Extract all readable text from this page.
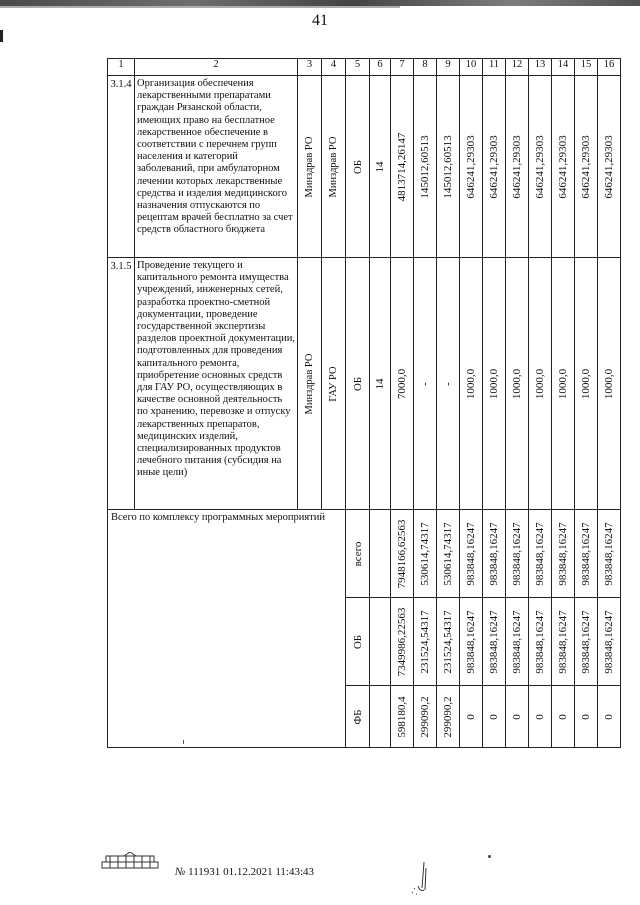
41
1	2	3	4	5	6	7	8	9	10	11	12	13	14	15	16
3.1.4	Организация обеспечения лекарственными препаратами граждан Рязанской области, имеющих право на бесплатное лекарственное обеспечение в соответствии с перечнем групп населения и категорий заболеваний, при амбулаторном лечении которых лекарственные средства и изделия медицинского назначения отпускаются по рецептам врачей бесплатно за счет средств областного бюджета	Минздрав РО	Минздрав РО	ОБ	14	4813714,26147	145012,60513	145012,60513	646241,29303	646241,29303	646241,29303	646241,29303	646241,29303	646241,29303	646241,29303

3.1.5	Проведение текущего и капитального ремонта имущества учреждений, инженерных сетей, разработка проектно-сметной документации, проведение государственной экспертизы разделов проектной документации, подготовленных для проведения капитального ремонта, приобретение основных средств для ГАУ РО, осуществляющих в качестве основной деятельность по хранению, перевозке и отпуску лекарственных препаратов, медицинских изделий, специализированных продуктов лечебного питания (субсидия на иные цели)	Минздрав РО	ГАУ РО	ОБ	14	7000,0	-	-	1000,0	1000,0	1000,0	1000,0	1000,0	1000,0	1000,0

Всего по комплексу программных мероприятий				всего		7948166,62563	530614,74317	530614,74317	983848,16247	983848,16247	983848,16247	983848,16247	983848,16247	983848,16247	983848,16247

				ОБ		7349986,22563	231524,54317	231524,54317	983848,16247	983848,16247	983848,16247	983848,16247	983848,16247	983848,16247	983848,16247

				ФБ		598180,4	299090,2	299090,2	0	0	0	0	0	0	0
№ 111931 01.12.2021 11:43:43
